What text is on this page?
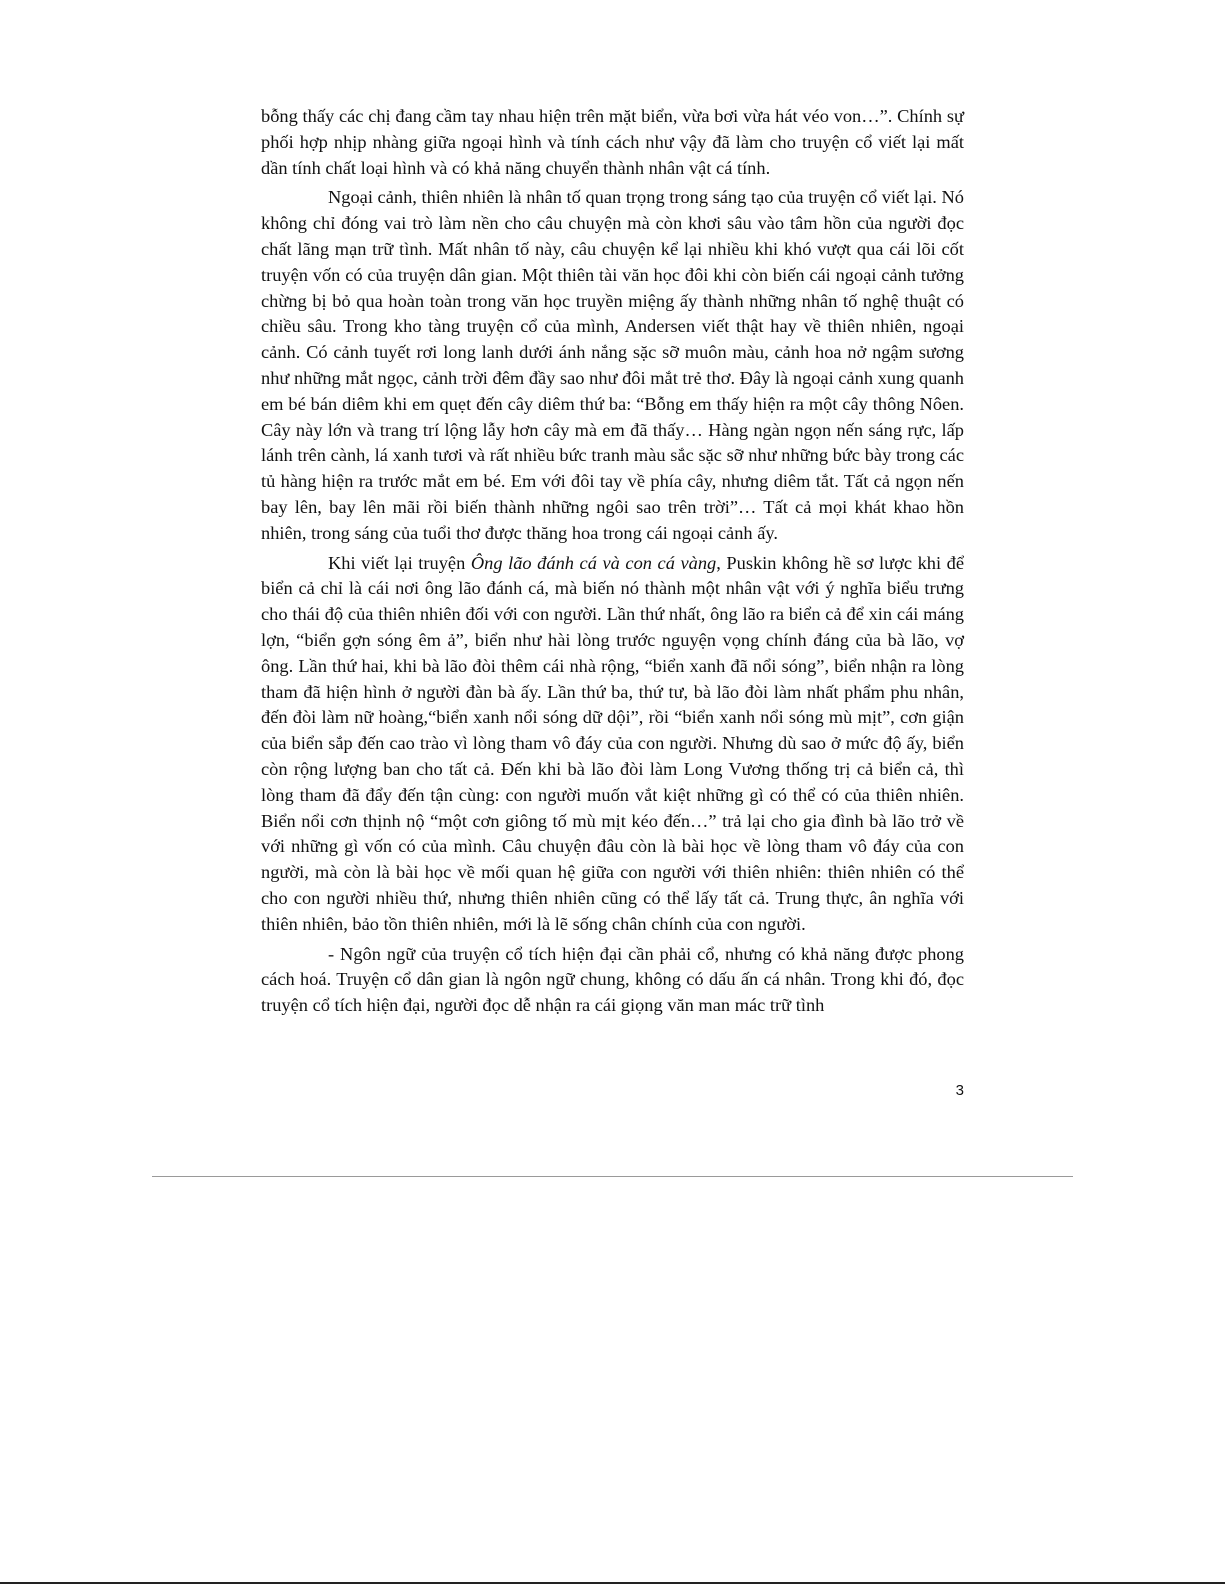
bỗng thấy các chị đang cầm tay nhau hiện trên mặt biển, vừa bơi vừa hát véo von…”. Chính sự phối hợp nhịp nhàng giữa ngoại hình và tính cách như vậy đã làm cho truyện cổ viết lại mất dần tính chất loại hình và có khả năng chuyển thành nhân vật cá tính.

Ngoại cảnh, thiên nhiên là nhân tố quan trọng trong sáng tạo của truyện cổ viết lại. Nó không chỉ đóng vai trò làm nền cho câu chuyện mà còn khơi sâu vào tâm hồn của người đọc chất lãng mạn trữ tình. Mất nhân tố này, câu chuyện kể lại nhiều khi khó vượt qua cái lõi cốt truyện vốn có của truyện dân gian. Một thiên tài văn học đôi khi còn biến cái ngoại cảnh tưởng chừng bị bỏ qua hoàn toàn trong văn học truyền miệng ấy thành những nhân tố nghệ thuật có chiều sâu. Trong kho tàng truyện cổ của mình, Andersen viết thật hay về thiên nhiên, ngoại cảnh. Có cảnh tuyết rơi long lanh dưới ánh nắng sặc sỡ muôn màu, cảnh hoa nở ngậm sương như những mắt ngọc, cảnh trời đêm đầy sao như đôi mắt trẻ thơ. Đây là ngoại cảnh xung quanh em bé bán diêm khi em quẹt đến cây diêm thứ ba: “Bỗng em thấy hiện ra một cây thông Nôen. Cây này lớn và trang trí lộng lẫy hơn cây mà em đã thấy… Hàng ngàn ngọn nến sáng rực, lấp lánh trên cành, lá xanh tươi và rất nhiều bức tranh màu sắc sặc sỡ như những bức bày trong các tủ hàng hiện ra trước mắt em bé. Em với đôi tay về phía cây, nhưng diêm tắt. Tất cả ngọn nến bay lên, bay lên mãi rồi biến thành những ngôi sao trên trời”… Tất cả mọi khát khao hồn nhiên, trong sáng của tuổi thơ được thăng hoa trong cái ngoại cảnh ấy.

Khi viết lại truyện Ông lão đánh cá và con cá vàng, Puskin không hề sơ lược khi để biển cả chỉ là cái nơi ông lão đánh cá, mà biến nó thành một nhân vật với ý nghĩa biểu trưng cho thái độ của thiên nhiên đối với con người. Lần thứ nhất, ông lão ra biển cả để xin cái máng lợn, “biển gợn sóng êm ả”, biển như hài lòng trước nguyện vọng chính đáng của bà lão, vợ ông. Lần thứ hai, khi bà lão đòi thêm cái nhà rộng, “biển xanh đã nổi sóng”, biển nhận ra lòng tham đã hiện hình ở người đàn bà ấy. Lần thứ ba, thứ tư, bà lão đòi làm nhất phẩm phu nhân, đến đòi làm nữ hoàng,“biển xanh nổi sóng dữ dội”, rồi “biển xanh nổi sóng mù mịt”, cơn giận của biển sắp đến cao trào vì lòng tham vô đáy của con người. Nhưng dù sao ở mức độ ấy, biển còn rộng lượng ban cho tất cả. Đến khi bà lão đòi làm Long Vương thống trị cả biển cả, thì lòng tham đã đẩy đến tận cùng: con người muốn vắt kiệt những gì có thể có của thiên nhiên. Biển nổi cơn thịnh nộ “một cơn giông tố mù mịt kéo đến…” trả lại cho gia đình bà lão trở về với những gì vốn có của mình. Câu chuyện đâu còn là bài học về lòng tham vô đáy của con người, mà còn là bài học về mối quan hệ giữa con người với thiên nhiên: thiên nhiên có thể cho con người nhiều thứ, nhưng thiên nhiên cũng có thể lấy tất cả. Trung thực, ân nghĩa với thiên nhiên, bảo tồn thiên nhiên, mới là lẽ sống chân chính của con người.

- Ngôn ngữ của truyện cổ tích hiện đại cần phải cổ, nhưng có khả năng được phong cách hoá. Truyện cổ dân gian là ngôn ngữ chung, không có dấu ấn cá nhân. Trong khi đó, đọc truyện cổ tích hiện đại, người đọc dễ nhận ra cái giọng văn man mác trữ tình

3
